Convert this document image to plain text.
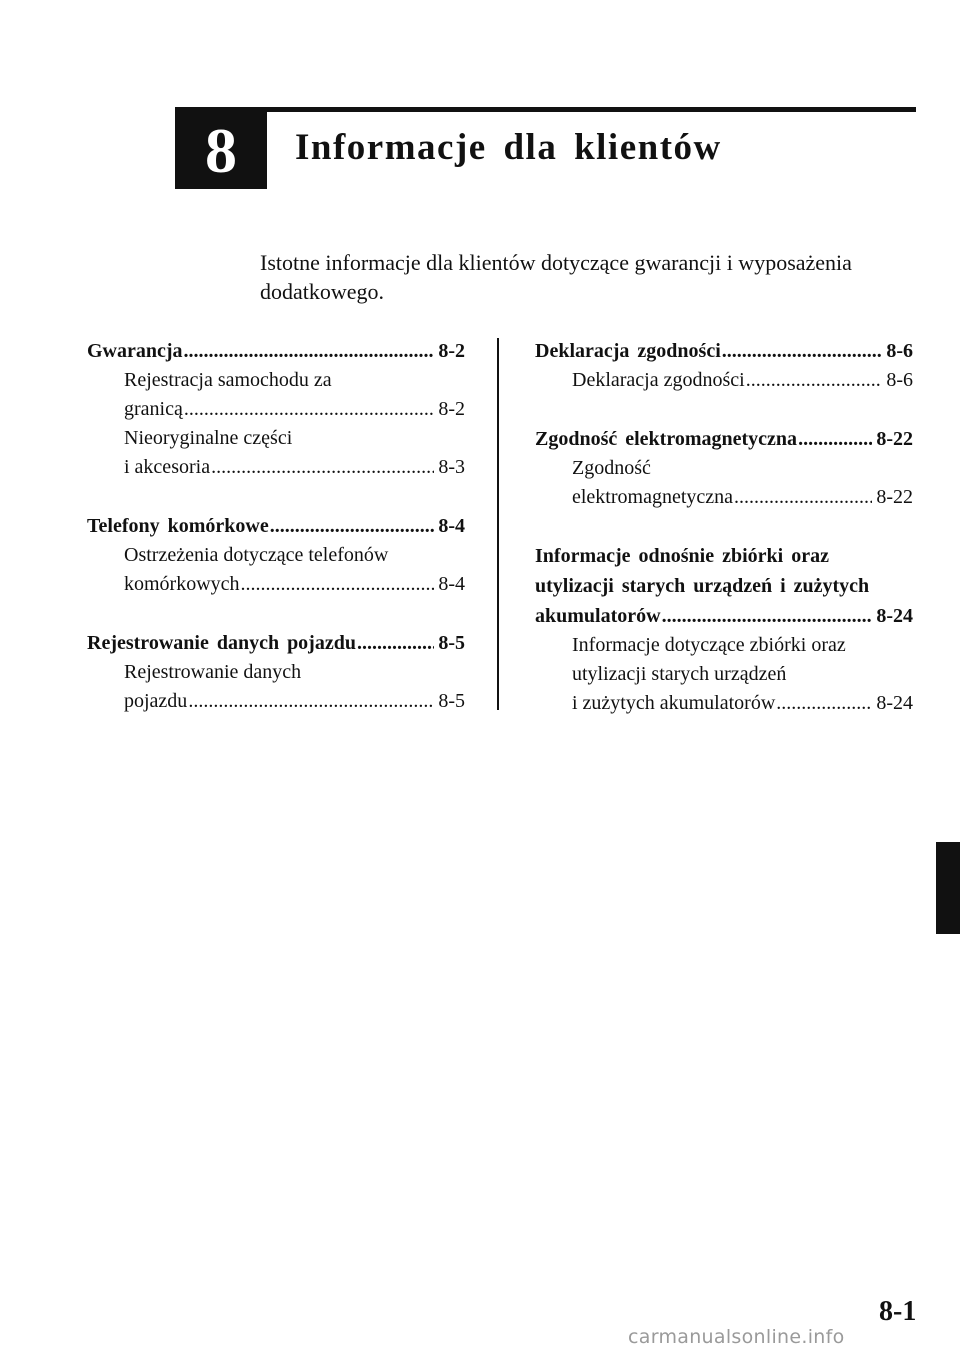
8	Informacje dla klientów
Istotne informacje dla klientów dotyczące gwarancji i wyposażenia dodatkowego.
Gwarancja .....	8-2
Rejestracja samochodu za
granicą .....	8-2
Nieoryginalne części
i akcesoria .....	8-3
Telefony komórkowe .....	8-4
Ostrzeżenia dotyczące telefonów
komórkowych .....	8-4
Rejestrowanie danych pojazdu .....	8-5
Rejestrowanie danych
pojazdu .....	8-5
Deklaracja zgodności .....	8-6
Deklaracja zgodności .....	8-6
Zgodność elektromagnetyczna .....	8-22
Zgodność
elektromagnetyczna .....	8-22
Informacje odnośnie zbiórki oraz
utylizacji starych urządzeń i zużytych
akumulatorów .....	8-24
Informacje dotyczące zbiórki oraz
utylizacji starych urządzeń
i zużytych akumulatorów .....	8-24
8-1
carmanualsonline.info
